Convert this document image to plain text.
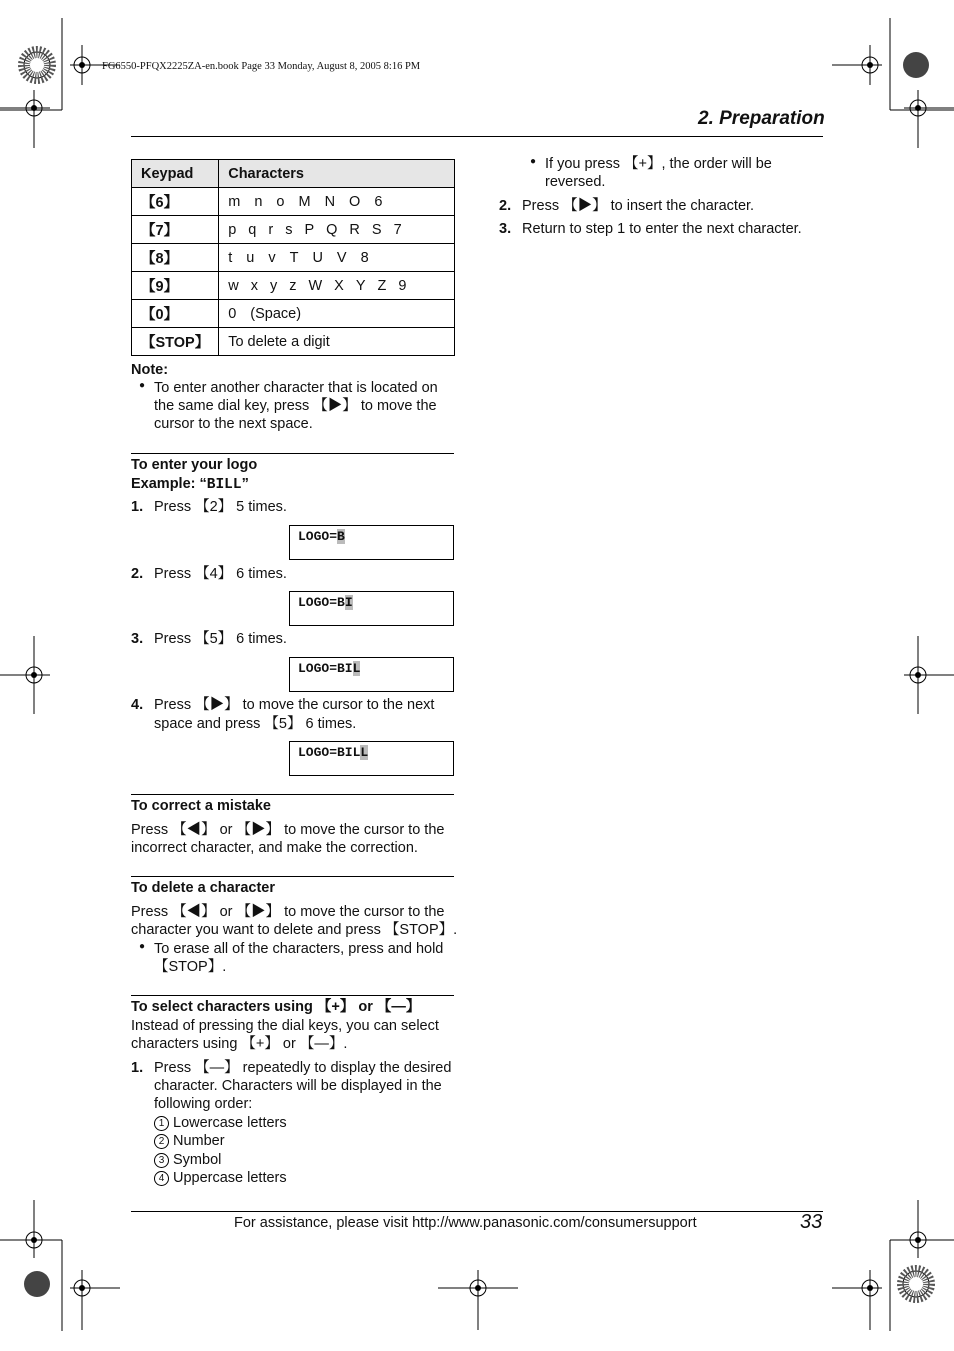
FG6550-PFQX2225ZA-en.book Page 33 Monday, August 8, 2005 8:16 PM
2. Preparation
Keypad	Characters
【6】	m n o M N O 6
【7】	p q r s P Q R S 7
【8】	t u v T U V 8
【9】	w x y z W X Y Z 9
【0】	0 (Space)
【STOP】	To delete a digit
Note:
● To enter another character that is located on the same dial key, press 【▶】 to move the cursor to the next space.
To enter your logo
Example: “BILL”
1. Press 【2】 5 times.
LOGO=B
2. Press 【4】 6 times.
LOGO=BI
3. Press 【5】 6 times.
LOGO=BIL
4. Press 【▶】 to move the cursor to the next
space and press 【5】 6 times.
LOGO=BILL
To correct a mistake
Press 【◀】 or 【▶】 to move the cursor to the
incorrect character, and make the correction.
To delete a character
Press 【◀】 or 【▶】 to move the cursor to the
character you want to delete and press 【STOP】.
● To erase all of the characters, press and hold
【STOP】.
To select characters using 【+】 or 【—】
Instead of pressing the dial keys, you can select
characters using 【+】 or 【—】.
1. Press 【—】 repeatedly to display the desired
character. Characters will be displayed in the
following order:
1 Lowercase letters
2 Number
3 Symbol
4 Uppercase letters
● If you press 【+】, the order will be
reversed.
2. Press 【▶】 to insert the character.
3. Return to step 1 to enter the next character.
For assistance, please visit http://www.panasonic.com/consumersupport	33
